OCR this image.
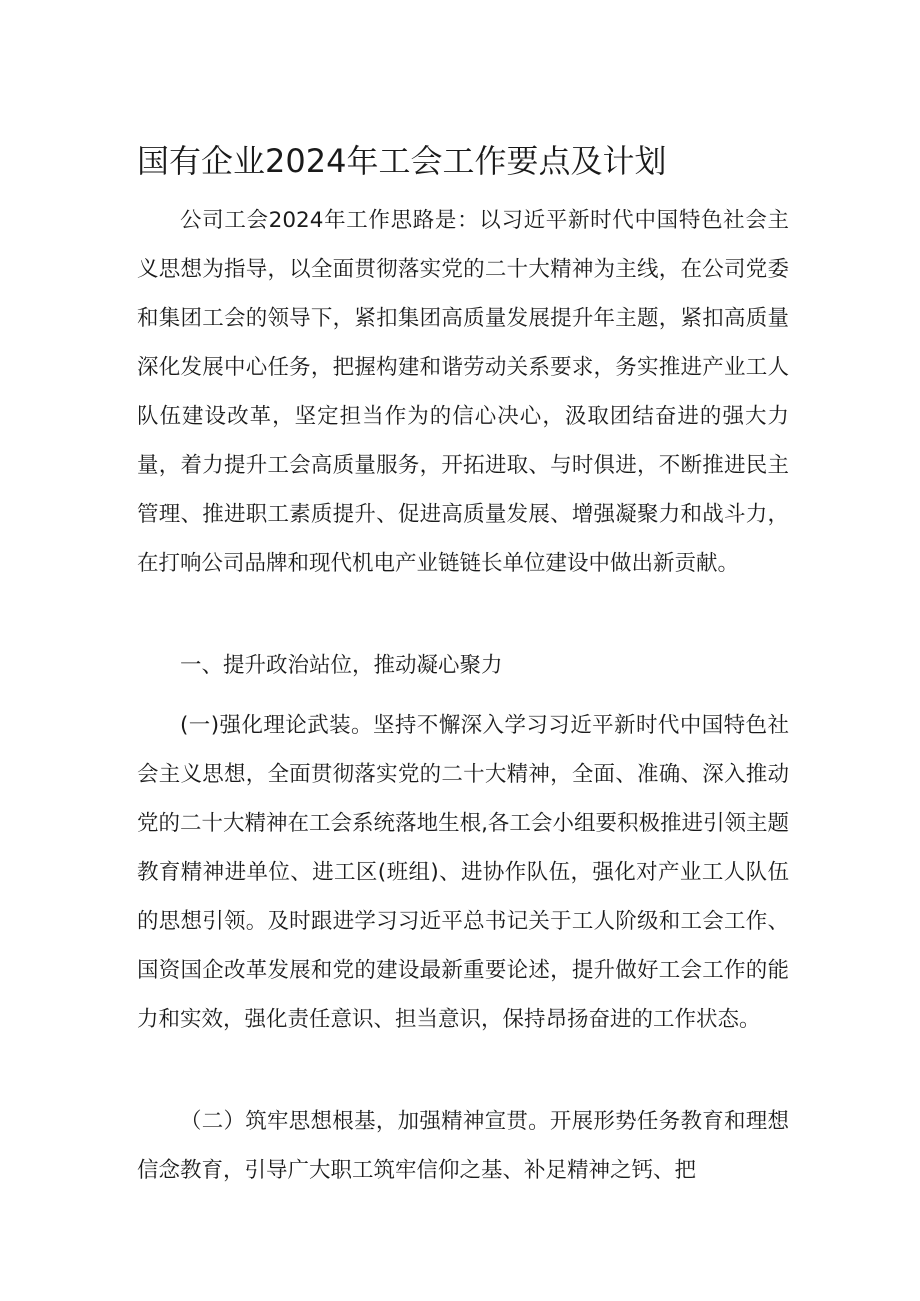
国有企业2024年工会工作要点及计划

公司工会2024年工作思路是：以习近平新时代中国特色社会主义思想为指导，以全面贯彻落实党的二十大精神为主线，在公司党委和集团工会的领导下，紧扣集团高质量发展提升年主题，紧扣高质量深化发展中心任务，把握构建和谐劳动关系要求，务实推进产业工人队伍建设改革，坚定担当作为的信心决心，汲取团结奋进的强大力量，着力提升工会高质量服务，开拓进取、与时俱进，不断推进民主管理、推进职工素质提升、促进高质量发展、增强凝聚力和战斗力，在打响公司品牌和现代机电产业链链长单位建设中做出新贡献。

一、提升政治站位，推动凝心聚力

(一)强化理论武装。坚持不懈深入学习习近平新时代中国特色社会主义思想，全面贯彻落实党的二十大精神，全面、准确、深入推动党的二十大精神在工会系统落地生根,各工会小组要积极推进引领主题教育精神进单位、进工区(班组)、进协作队伍，强化对产业工人队伍的思想引领。及时跟进学习习近平总书记关于工人阶级和工会工作、国资国企改革发展和党的建设最新重要论述，提升做好工会工作的能力和实效，强化责任意识、担当意识，保持昂扬奋进的工作状态。

（二）筑牢思想根基，加强精神宣贯。开展形势任务教育和理想信念教育，引导广大职工筑牢信仰之基、补足精神之钙、把
